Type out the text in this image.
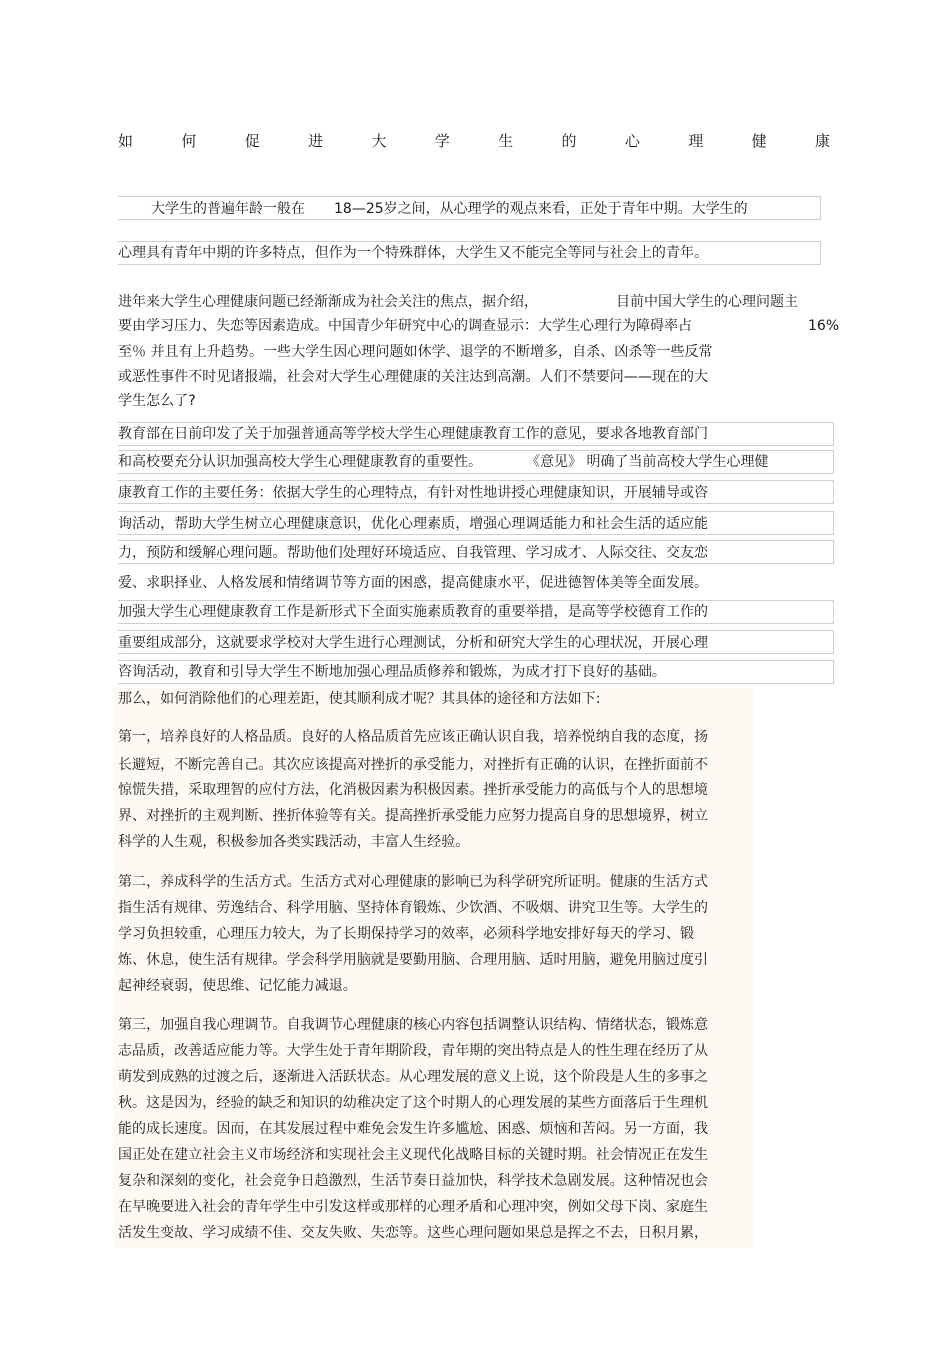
如	何	促	进	大	学	生	的	心	理	健	康
大学生的普遍年龄一般在 18—25岁之间，从心理学的观点来看，正处于青年中期。大学生的
心理具有青年中期的许多特点，但作为一个特殊群体，大学生又不能完全等同与社会上的青年。
进年来大学生心理健康问题已经渐渐成为社会关注的焦点，据介绍，	目前中国大学生的心理问题主
要由学习压力、失恋等因素造成。中国青少年研究中心的调查显示：大学生心理行为障碍率占	16%
至％ 并且有上升趋势。一些大学生因心理问题如休学、退学的不断增多，自杀、凶杀等一些反常
或恶性事件不时见诸报端，社会对大学生心理健康的关注达到高潮。人们不禁要问——现在的大
学生怎么了?
教育部在日前印发了关于加强普通高等学校大学生心理健康教育工作的意见，要求各地教育部门
和高校要充分认识加强高校大学生心理健康教育的重要性。	《意见》 明确了当前高校大学生心理健
康教育工作的主要任务：依据大学生的心理特点，有针对性地讲授心理健康知识，开展辅导或咨
询活动，帮助大学生树立心理健康意识，优化心理素质，增强心理调适能力和社会生活的适应能
力，预防和缓解心理问题。帮助他们处理好环境适应、自我管理、学习成才、人际交往、交友恋
爱、求职择业、人格发展和情绪调节等方面的困惑，提高健康水平，促进德智体美等全面发展。
加强大学生心理健康教育工作是新形式下全面实施素质教育的重要举措，是高等学校德育工作的
重要组成部分，这就要求学校对大学生进行心理测试，分析和研究大学生的心理状况，开展心理
咨询活动，教育和引导大学生不断地加强心理品质修养和锻炼，为成才打下良好的基础。
那么，如何消除他们的心理差距，使其顺利成才呢？其具体的途径和方法如下:
第一，培养良好的人格品质。良好的人格品质首先应该正确认识自我，培养悦纳自我的态度，扬
长避短，不断完善自己。其次应该提高对挫折的承受能力，对挫折有正确的认识，在挫折面前不
惊慌失措，采取理智的应付方法，化消极因素为积极因素。挫折承受能力的高低与个人的思想境
界、对挫折的主观判断、挫折体验等有关。提高挫折承受能力应努力提高自身的思想境界，树立
科学的人生观，积极参加各类实践活动，丰富人生经验。
第二，养成科学的生活方式。生活方式对心理健康的影响已为科学研究所证明。健康的生活方式
指生活有规律、劳逸结合、科学用脑、坚持体育锻炼、少饮酒、不吸烟、讲究卫生等。大学生的
学习负担较重，心理压力较大，为了长期保持学习的效率，必须科学地安排好每天的学习、锻
炼、休息，使生活有规律。学会科学用脑就是要勤用脑、合理用脑、适时用脑，避免用脑过度引
起神经衰弱，使思维、记忆能力减退。
第三，加强自我心理调节。自我调节心理健康的核心内容包括调整认识结构、情绪状态，锻炼意
志品质，改善适应能力等。大学生处于青年期阶段，青年期的突出特点是人的性生理在经历了从
萌发到成熟的过渡之后，逐渐进入活跃状态。从心理发展的意义上说，这个阶段是人生的多事之
秋。这是因为，经验的缺乏和知识的幼稚决定了这个时期人的心理发展的某些方面落后于生理机
能的成长速度。因而，在其发展过程中难免会发生许多尴尬、困惑、烦恼和苦闷。另一方面，我
国正处在建立社会主义市场经济和实现社会主义现代化战略目标的关键时期。社会情况正在发生
复杂和深刻的变化，社会竞争日趋激烈，生活节奏日益加快，科学技术急剧发展。这种情况也会
在早晚要进入社会的青年学生中引发这样或那样的心理矛盾和心理冲突，例如父母下岗、家庭生
活发生变故、学习成绩不佳、交友失败、失恋等。这些心理问题如果总是挥之不去，日积月累，
